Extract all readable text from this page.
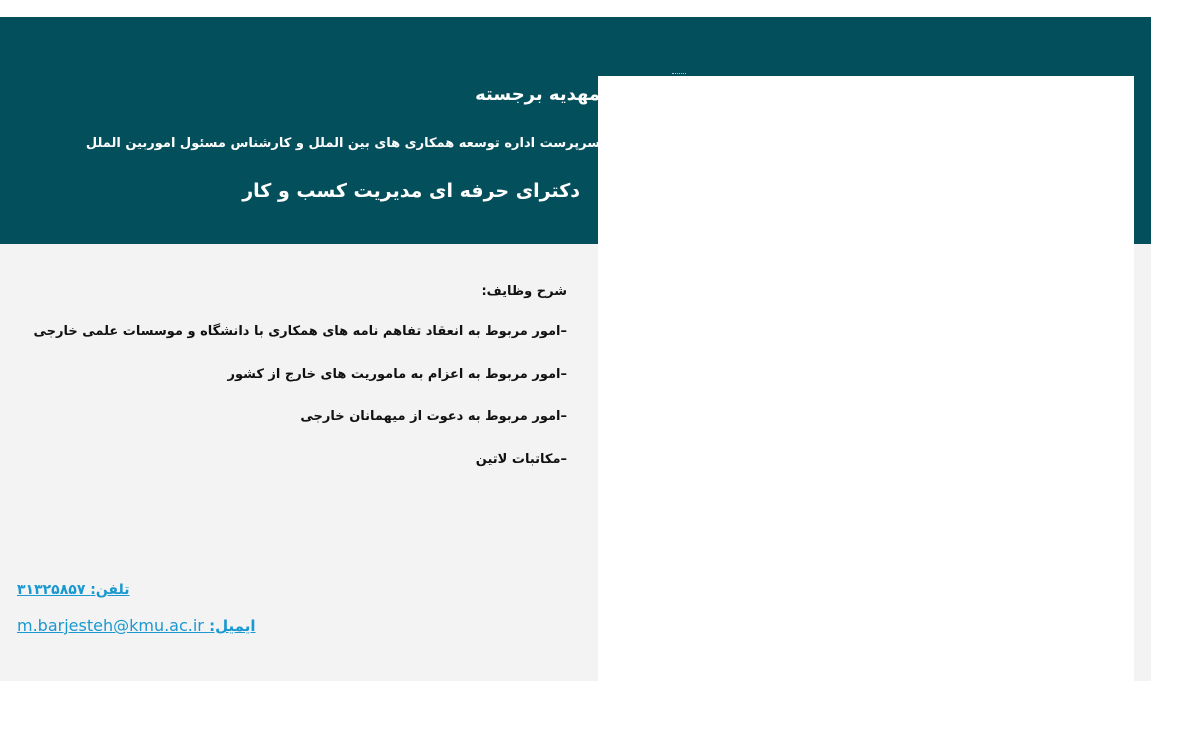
مهدیه برجسته
سرپرست اداره توسعه همکاری های بین الملل و کارشناس مسئول اموربین الملل
دکترای حرفه ای مدیریت کسب و کار
شرح وظایف:
–امور مربوط به انعقاد تفاهم نامه های همکاری با دانشگاه و موسسات علمی خارجی
–امور مربوط به اعزام به ماموریت های خارج از کشور
–امور مربوط به دعوت از میهمانان خارجی
–مکاتبات لاتین
تلفن: ۳۱۳۲۵۸۵۷
ایمیل: m.barjesteh@kmu.ac.ir
